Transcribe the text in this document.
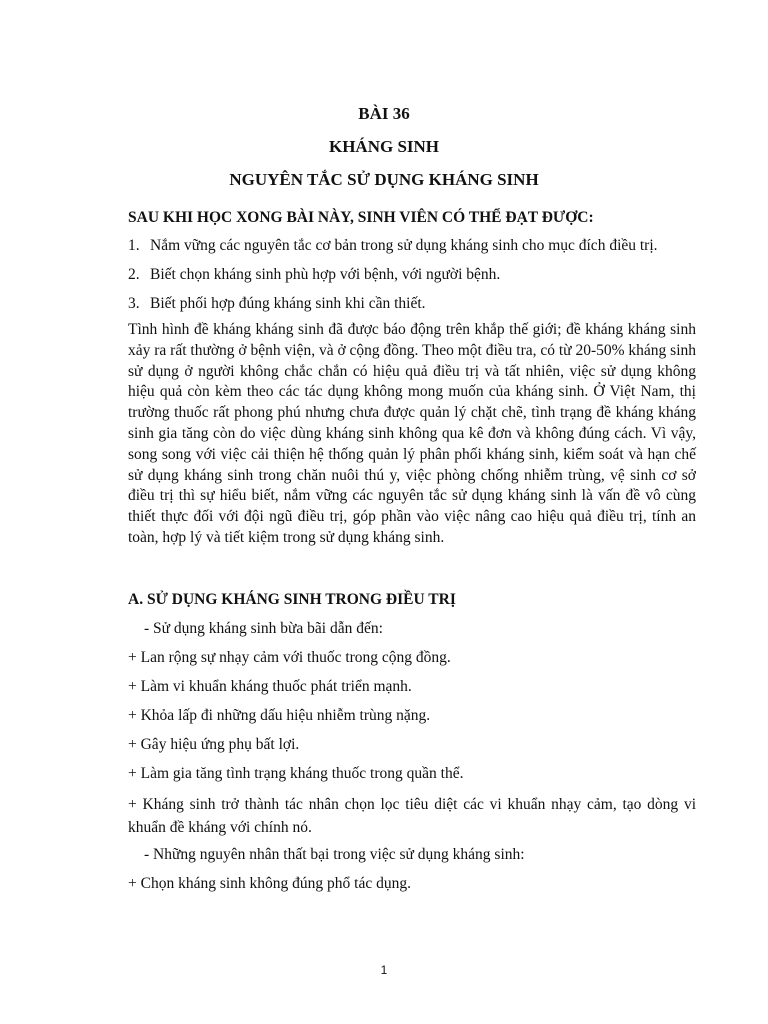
BÀI 36
KHÁNG SINH
NGUYÊN TẮC SỬ DỤNG KHÁNG SINH
SAU KHI HỌC XONG BÀI NÀY, SINH VIÊN CÓ THỂ ĐẠT ĐƯỢC:
1. Nắm vững các nguyên tắc cơ bản trong sử dụng kháng sinh cho mục đích điều trị.
2. Biết chọn kháng sinh phù hợp với bệnh, với người bệnh.
3. Biết phối hợp đúng kháng sinh khi cần thiết.
Tình hình đề kháng kháng sinh đã được báo động trên khắp thế giới; đề kháng kháng sinh xảy ra rất thường ở bệnh viện, và ở cộng đồng. Theo một điều tra, có từ 20-50% kháng sinh sử dụng ở người không chắc chắn có hiệu quả điều trị và tất nhiên, việc sử dụng không hiệu quả còn kèm theo các tác dụng không mong muốn của kháng sinh. Ở Việt Nam, thị trường thuốc rất phong phú nhưng chưa được quản lý chặt chẽ, tình trạng đề kháng kháng sinh gia tăng còn do việc dùng kháng sinh không qua kê đơn và không đúng cách. Vì vậy, song song với việc cải thiện hệ thống quản lý phân phối kháng sinh, kiểm soát và hạn chế sử dụng kháng sinh trong chăn nuôi thú y, việc phòng chống nhiễm trùng, vệ sinh cơ sở điều trị thì sự hiểu biết, nắm vững các nguyên tắc sử dụng kháng sinh là vấn đề vô cùng thiết thực đối với đội ngũ điều trị, góp phần vào việc nâng cao hiệu quả điều trị, tính an toàn, hợp lý và tiết kiệm trong sử dụng kháng sinh.
A. SỬ DỤNG KHÁNG SINH TRONG ĐIỀU TRỊ
- Sử dụng kháng sinh bừa bãi dẫn đến:
+ Lan rộng sự nhạy cảm với thuốc trong cộng đồng.
+ Làm vi khuẩn kháng thuốc phát triển mạnh.
+ Khỏa lấp đi những dấu hiệu nhiễm trùng nặng.
+ Gây hiệu ứng phụ bất lợi.
+ Làm gia tăng tình trạng kháng thuốc trong quần thể.
+ Kháng sinh trở thành tác nhân chọn lọc tiêu diệt các vi khuẩn nhạy cảm, tạo dòng vi khuẩn đề kháng với chính nó.
- Những nguyên nhân thất bại trong việc sử dụng kháng sinh:
+ Chọn kháng sinh không đúng phổ tác dụng.
1
